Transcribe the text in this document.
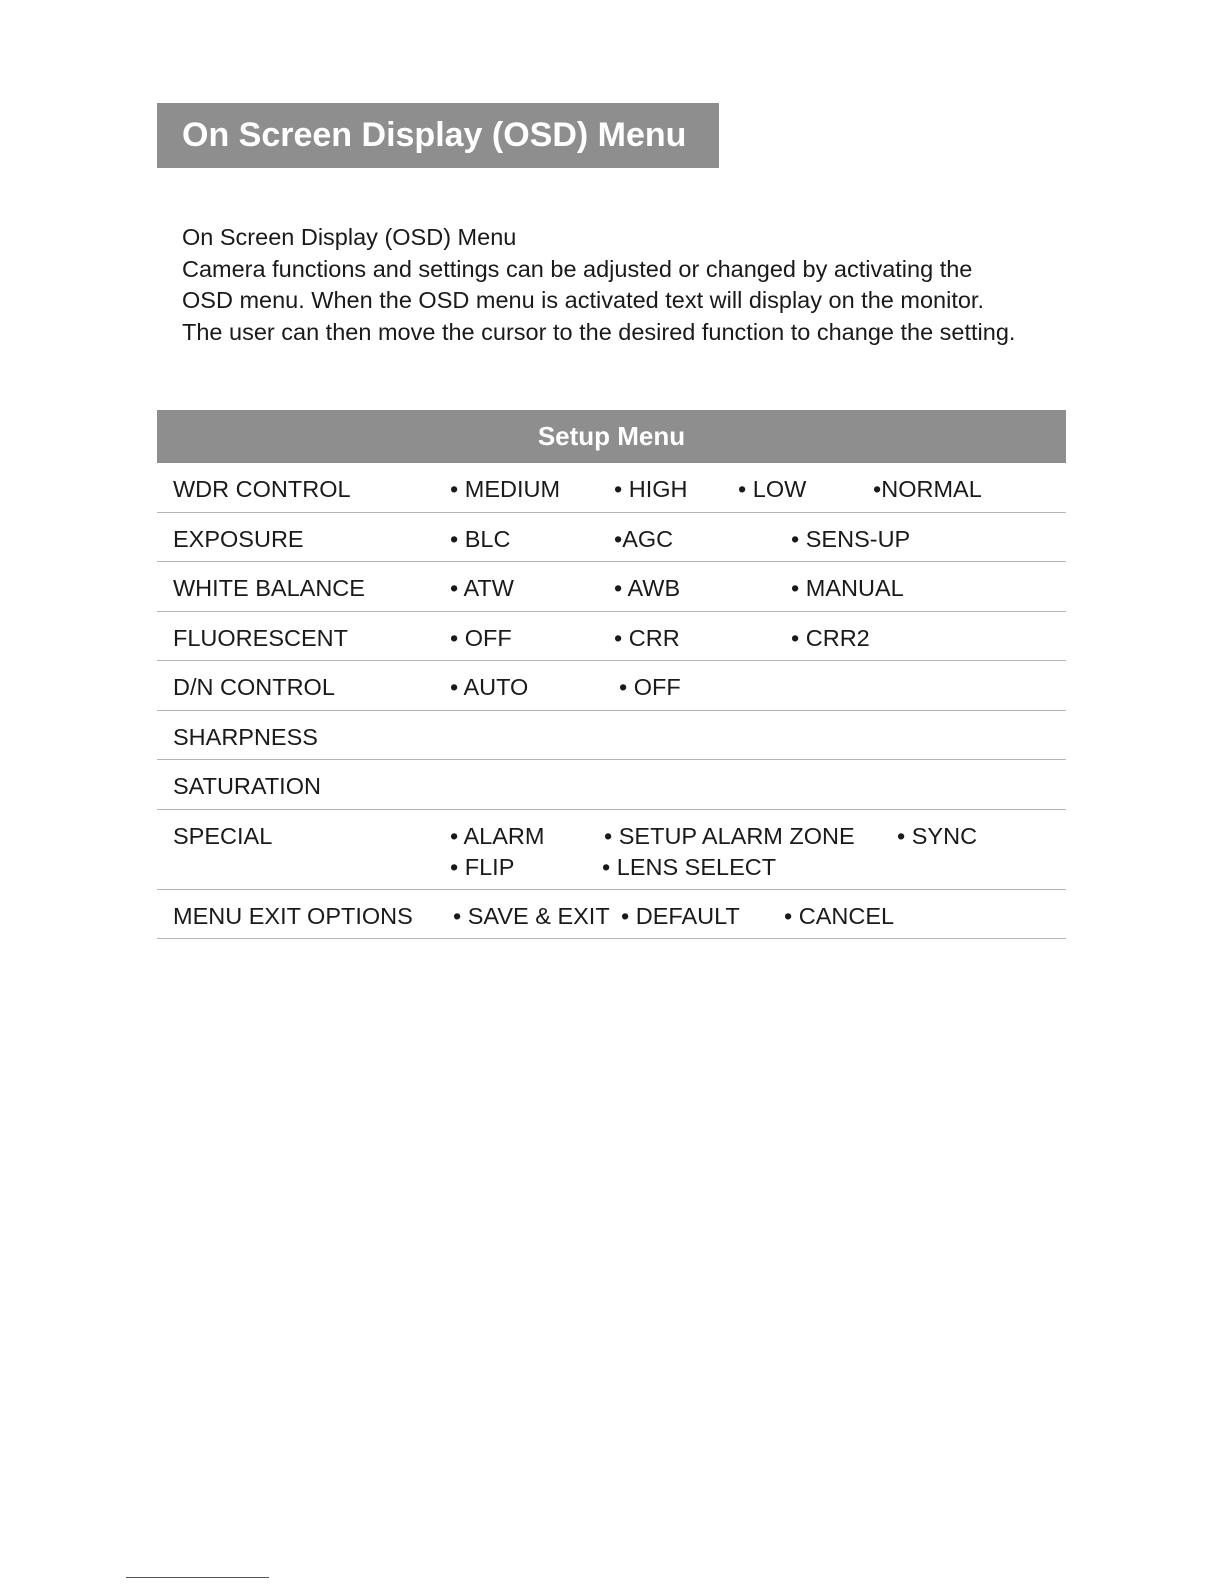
On Screen Display (OSD) Menu
On Screen Display (OSD) Menu
Camera functions and settings can be adjusted or changed by activating the
OSD menu. When the OSD menu is activated text will display on the monitor.
The user can then move the cursor to the desired function to change the setting.
Setup Menu
WDR CONTROL	• MEDIUM • HIGH • LOW	•NORMAL
EXPOSURE	• BLC	•AGC	• SENS-UP
WHITE BALANCE	• ATW	• AWB	• MANUAL
FLUORESCENT	• OFF	• CRR	• CRR2
D/N CONTROL	• AUTO	• OFF
SHARPNESS
SATURATION
SPECIAL	• ALARM	• SETUP ALARM ZONE • SYNC
• FLIP	• LENS SELECT
MENU EXIT OPTIONS • SAVE & EXIT • DEFAULT • CANCEL
